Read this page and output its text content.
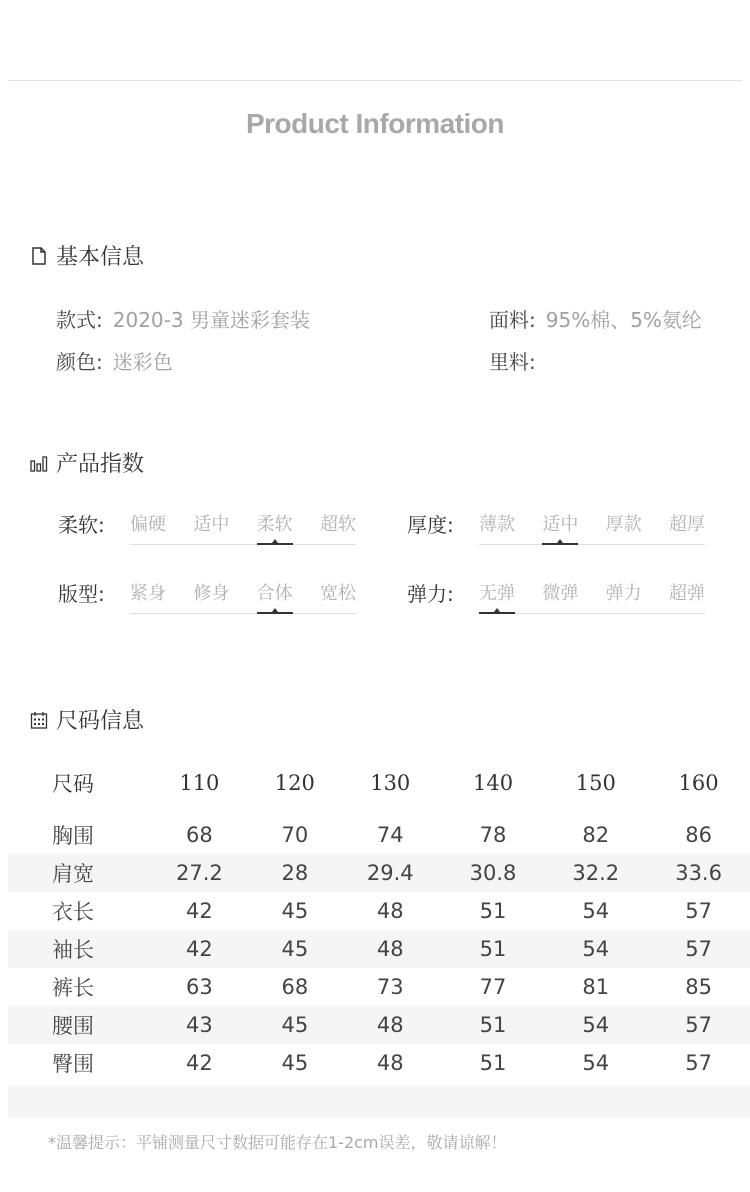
Product Information
基本信息
款式: 2020-3 男童迷彩套装	面料: 95%棉、5%氨纶
颜色: 迷彩色	里料:
产品指数
柔软:	偏硬 适中 柔软 超软	厚度:	薄款 适中 厚款 超厚
版型:	紧身 修身 合体 宽松	弹力:	无弹 微弹 弹力 超弹
尺码信息
尺码	110	120	130	140	150	160

胸围	68	70	74	78	82	86
肩宽	27.2	28	29.4	30.8	32.2	33.6
衣长	42	45	48	51	54	57
袖长	42	45	48	51	54	57
裤长	63	68	73	77	81	85
腰围	43	45	48	51	54	57
臀围	42	45	48	51	54	57
*温馨提示：平铺测量尺寸数据可能存在1-2cm误差，敬请谅解！
